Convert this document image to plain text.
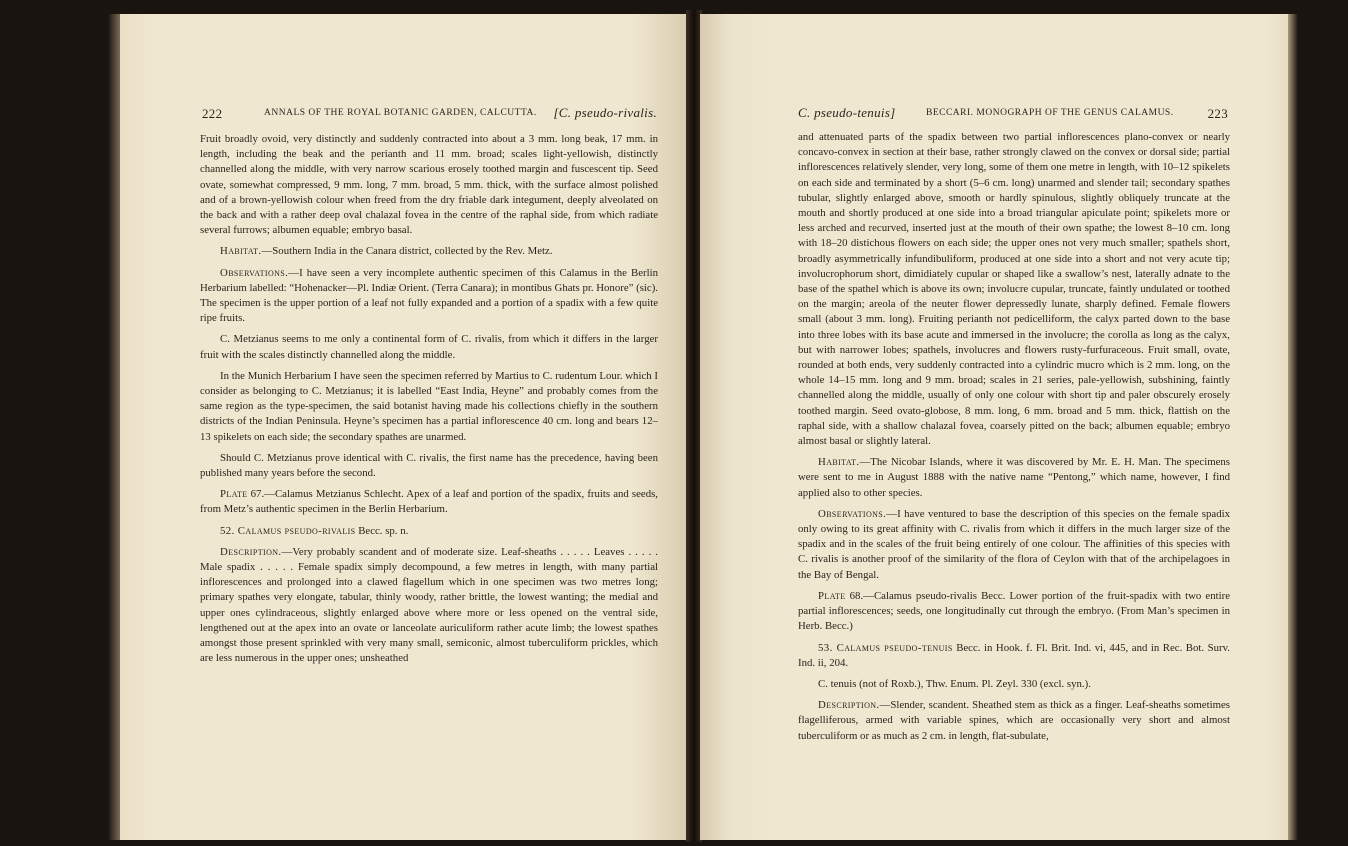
222	ANNALS OF THE ROYAL BOTANIC GARDEN, CALCUTTA. [C. pseudo-rivalis.

Fruit broadly ovoid, very distinctly and suddenly contracted into about a 3 mm. long beak, 17 mm. in length, including the beak and the perianth and 11 mm. broad; scales light-yellowish, distinctly channelled along the middle, with very narrow scarious erosely toothed margin and fuscescent tip. Seed ovate, somewhat compressed, 9 mm. long, 7 mm. broad, 5 mm. thick, with the surface almost polished and of a brown-yellowish colour when freed from the dry friable dark integument, deeply alveolated on the back and with a rather deep oval chalazal fovea in the centre of the raphal side, from which radiate several furrows; albumen equable; embryo basal.

Habitat.—Southern India in the Canara district, collected by the Rev. Metz.

Observations.—I have seen a very incomplete authentic specimen of this Calamus in the Berlin Herbarium labelled: “Hohenacker—Pl. Indiæ Orient. (Terra Canara); in montibus Ghats pr. Honore” (sic). The specimen is the upper portion of a leaf not fully expanded and a portion of a spadix with a few quite ripe fruits.

C. Metzianus seems to me only a continental form of C. rivalis, from which it differs in the larger fruit with the scales distinctly channelled along the middle.

In the Munich Herbarium I have seen the specimen referred by Martius to C. rudentum Lour. which I consider as belonging to C. Metzianus; it is labelled “East India, Heyne” and probably comes from the same region as the type-specimen, the said botanist having made his collections chiefly in the southern districts of the Indian Peninsula. Heyne’s specimen has a partial inflorescence 40 cm. long and bears 12–13 spikelets on each side; the secondary spathes are unarmed.

Should C. Metzianus prove identical with C. rivalis, the first name has the precedence, having been published many years before the second.

Plate 67.—Calamus Metzianus Schlecht. Apex of a leaf and portion of the spadix, fruits and seeds, from Metz’s authentic specimen in the Berlin Herbarium.

52. Calamus pseudo-rivalis Becc. sp. n.

Description.—Very probably scandent and of moderate size. Leaf-sheaths . . . . . Leaves . . . . . Male spadix . . . . . Female spadix simply decompound, a few metres in length, with many partial inflorescences and prolonged into a clawed flagellum which in one specimen was two metres long; primary spathes very elongate, tabular, thinly woody, rather brittle, the lowest wanting; the medial and upper ones cylindraceous, slightly enlarged above where more or less opened on the ventral side, lengthened out at the apex into an ovate or lanceolate auriculiform rather acute limb; the lowest spathes amongst those present sprinkled with very many small, semiconic, almost tuberculiform prickles, which are less numerous in the upper ones; unsheathed

C. pseudo-tenuis]	BECCARI. MONOGRAPH OF THE GENUS CALAMUS.	223

and attenuated parts of the spadix between two partial inflorescences plano-convex or nearly concavo-convex in section at their base, rather strongly clawed on the convex or dorsal side; partial inflorescences relatively slender, very long, some of them one metre in length, with 10–12 spikelets on each side and terminated by a short (5–6 cm. long) unarmed and slender tail; secondary spathes tubular, slightly enlarged above, smooth or hardly spinulous, slightly obliquely truncate at the mouth and shortly produced at one side into a broad triangular apiculate point; spikelets more or less arched and recurved, inserted just at the mouth of their own spathe; the lowest 8–10 cm. long with 18–20 distichous flowers on each side; the upper ones not very much smaller; spathels short, broadly asymmetrically infundibuliform, produced at one side into a short and not very acute tip; involucrophorum short, dimidiately cupular or shaped like a swallow’s nest, laterally adnate to the base of the spathel which is above its own; involucre cupular, truncate, faintly undulated or toothed on the margin; areola of the neuter flower depressedly lunate, sharply defined. Female flowers small (about 3 mm. long). Fruiting perianth not pedicelliform, the calyx parted down to the base into three lobes with its base acute and immersed in the involucre; the corolla as long as the calyx, but with narrower lobes; spathels, involucres and flowers rusty-furfuraceous. Fruit small, ovate, rounded at both ends, very suddenly contracted into a cylindric mucro which is 2 mm. long, on the whole 14–15 mm. long and 9 mm. broad; scales in 21 series, pale-yellowish, subshining, faintly channelled along the middle, usually of only one colour with short tip and paler obscurely erosely toothed margin. Seed ovato-globose, 8 mm. long, 6 mm. broad and 5 mm. thick, flattish on the raphal side, with a shallow chalazal fovea, coarsely pitted on the back; albumen equable; embryo almost basal or slightly lateral.

Habitat.—The Nicobar Islands, where it was discovered by Mr. E. H. Man. The specimens were sent to me in August 1888 with the native name “Pentong,” which name, however, I find applied also to other species.

Observations.—I have ventured to base the description of this species on the female spadix only owing to its great affinity with C. rivalis from which it differs in the much larger size of the spadix and in the scales of the fruit being entirely of one colour. The affinities of this species with C. rivalis is another proof of the similarity of the flora of Ceylon with that of the archipelagoes in the Bay of Bengal.

Plate 68.—Calamus pseudo-rivalis Becc. Lower portion of the fruit-spadix with two entire partial inflorescences; seeds, one longitudinally cut through the embryo. (From Man’s specimen in Herb. Becc.)

53. Calamus pseudo-tenuis Becc. in Hook. f. Fl. Brit. Ind. vi, 445, and in Rec. Bot. Surv. Ind. ii, 204.

C. tenuis (not of Roxb.), Thw. Enum. Pl. Zeyl. 330 (excl. syn.).

Description.—Slender, scandent. Sheathed stem as thick as a finger. Leaf-sheaths sometimes flagelliferous, armed with variable spines, which are occasionally very short and almost tuberculiform or as much as 2 cm. in length, flat-subulate,
